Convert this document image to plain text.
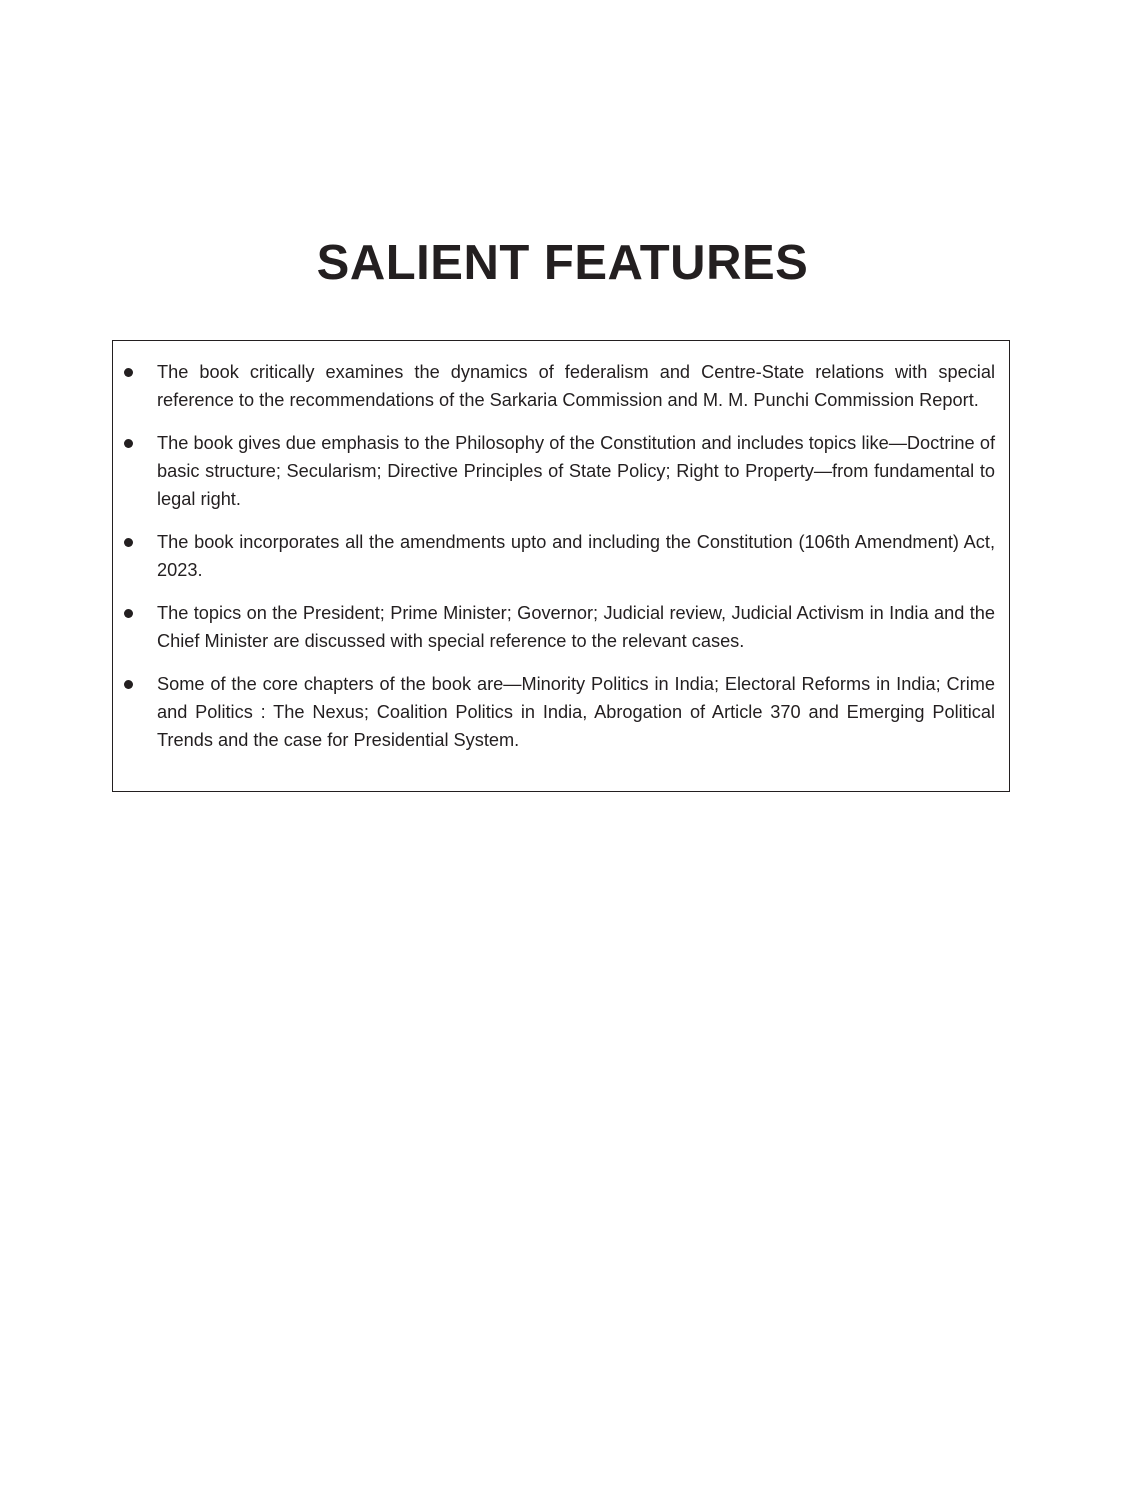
SALIENT FEATURES
The book critically examines the dynamics of federalism and Centre-State relations with special reference to the recommendations of the Sarkaria Commission and M. M. Punchi Commission Report.
The book gives due emphasis to the Philosophy of the Constitution and includes topics like—Doctrine of basic structure; Secularism; Directive Principles of State Policy; Right to Property—from fundamental to legal right.
The book incorporates all the amendments upto and including the Constitution (106th Amendment) Act, 2023.
The topics on the President; Prime Minister; Governor; Judicial review, Judicial Activism in India and the Chief Minister are discussed with special reference to the relevant cases.
Some of the core chapters of the book are—Minority Politics in India; Electoral Reforms in India; Crime and Politics : The Nexus; Coalition Politics in India, Abrogation of Article 370 and Emerging Political Trends and the case for Presidential System.
